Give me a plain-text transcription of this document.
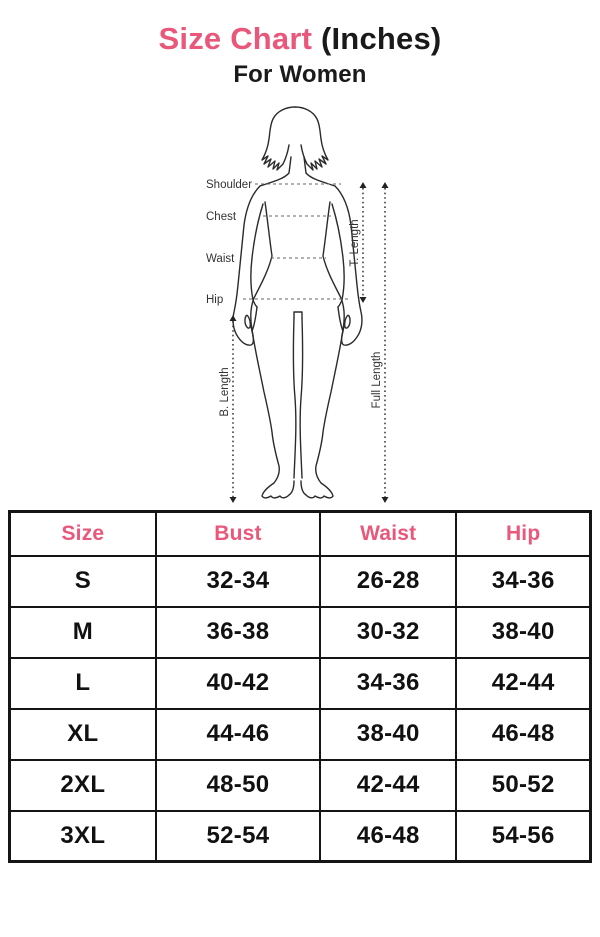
Size Chart (Inches)
For Women
Shoulder
Chest
Waist
Hip
T. Length
Full Length
B. Length
Size	Bust	Waist	Hip
S	32-34	26-28	34-36
M	36-38	30-32	38-40
L	40-42	34-36	42-44
XL	44-46	38-40	46-48
2XL	48-50	42-44	50-52
3XL	52-54	46-48	54-56
